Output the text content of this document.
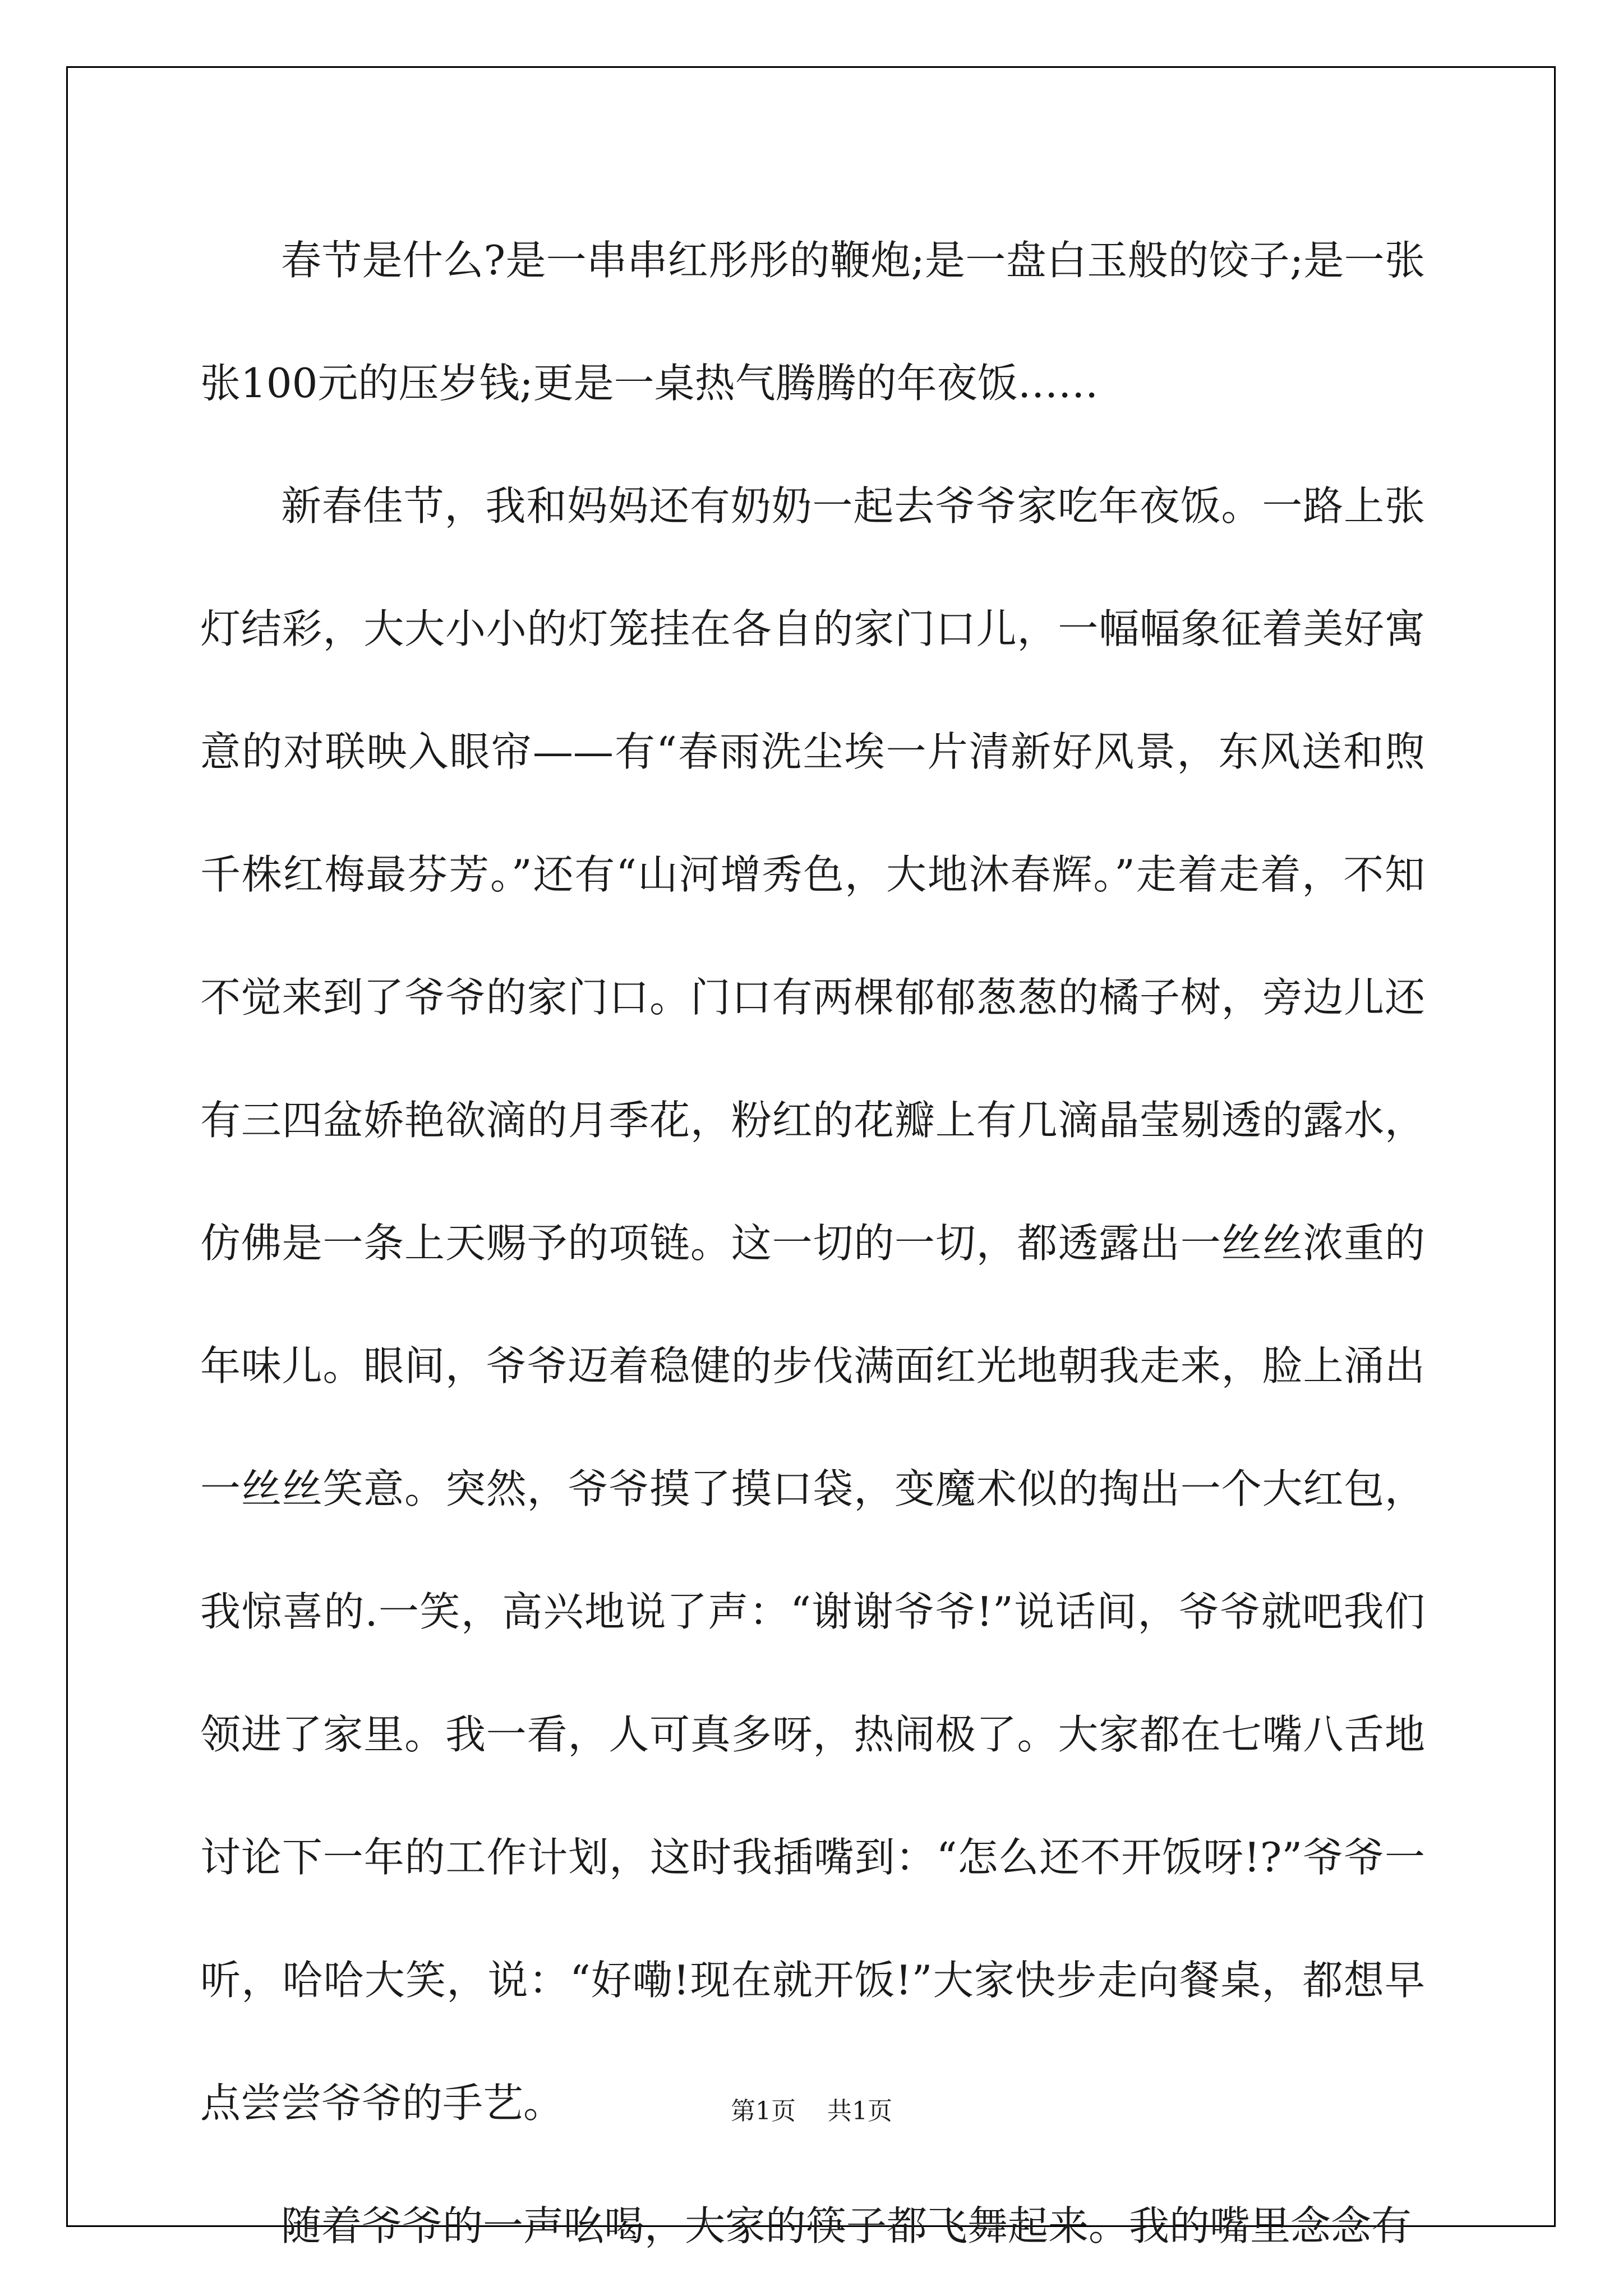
春节是什么?是一串串红彤彤的鞭炮;是一盘白玉般的饺子;是一张张100元的压岁钱;更是一桌热气腾腾的年夜饭……

新春佳节，我和妈妈还有奶奶一起去爷爷家吃年夜饭。一路上张灯结彩，大大小小的灯笼挂在各自的家门口儿，一幅幅象征着美好寓意的对联映入眼帘——有“春雨洗尘埃一片清新好风景，东风送和煦千株红梅最芬芳。”还有“山河增秀色，大地沐春辉。”走着走着，不知不觉来到了爷爷的家门口。门口有两棵郁郁葱葱的橘子树，旁边儿还有三四盆娇艳欲滴的月季花，粉红的花瓣上有几滴晶莹剔透的露水，仿佛是一条上天赐予的项链。这一切的一切，都透露出一丝丝浓重的年味儿。眼间，爷爷迈着稳健的步伐满面红光地朝我走来，脸上涌出一丝丝笑意。突然，爷爷摸了摸口袋，变魔术似的掏出一个大红包，我惊喜的.一笑，高兴地说了声：“谢谢爷爷!”说话间，爷爷就吧我们领进了家里。我一看，人可真多呀，热闹极了。大家都在七嘴八舌地讨论下一年的工作计划，这时我插嘴到：“怎么还不开饭呀!?”爷爷一听，哈哈大笑，说：“好嘞!现在就开饭!”大家快步走向餐桌，都想早点尝尝爷爷的手艺。

随着爷爷的一声吆喝，大家的筷子都飞舞起来。我的嘴里念念有

第1页 共1页
